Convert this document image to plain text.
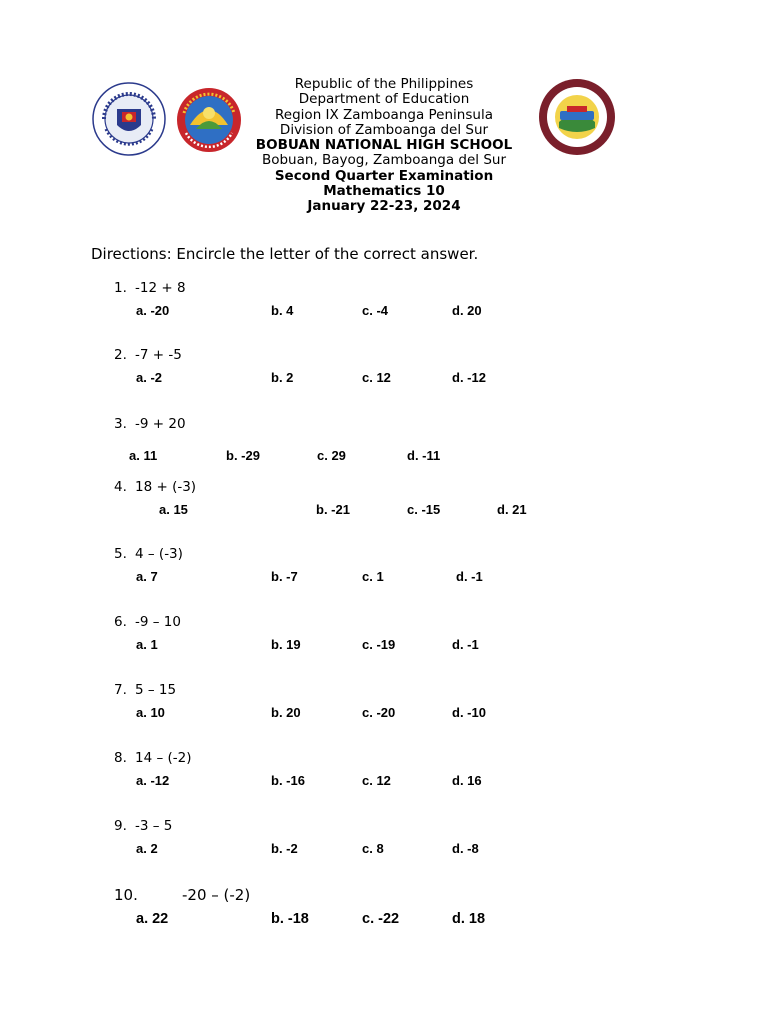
Republic of the Philippines
Department of Education
Region IX Zamboanga Peninsula
Division of Zamboanga del Sur
BOBUAN NATIONAL HIGH SCHOOL
Bobuan, Bayog, Zamboanga del Sur
Second Quarter Examination
Mathematics 10
January 22-23, 2024
Directions: Encircle the letter of the correct answer.
1. -12 + 8
a. -20	b. 4	c. -4	d. 20
2. -7 + -5
a. -2	b. 2	c. 12	d. -12
3. -9 + 20
a. 11	b. -29	c. 29	d. -11
4. 18 + (-3)
a. 15	b. -21	c. -15	d. 21
5. 4 – (-3)
a. 7	b. -7	c. 1	d. -1
6. -9 – 10
a. 1	b. 19	c. -19	d. -1
7. 5 – 15
a. 10	b. 20	c. -20	d. -10
8. 14 – (-2)
a. -12	b. -16	c. 12	d. 16
9. -3 – 5
a. 2	b. -2	c. 8	d. -8
10.	-20 – (-2)
a. 22	b. -18	c. -22	d. 18
